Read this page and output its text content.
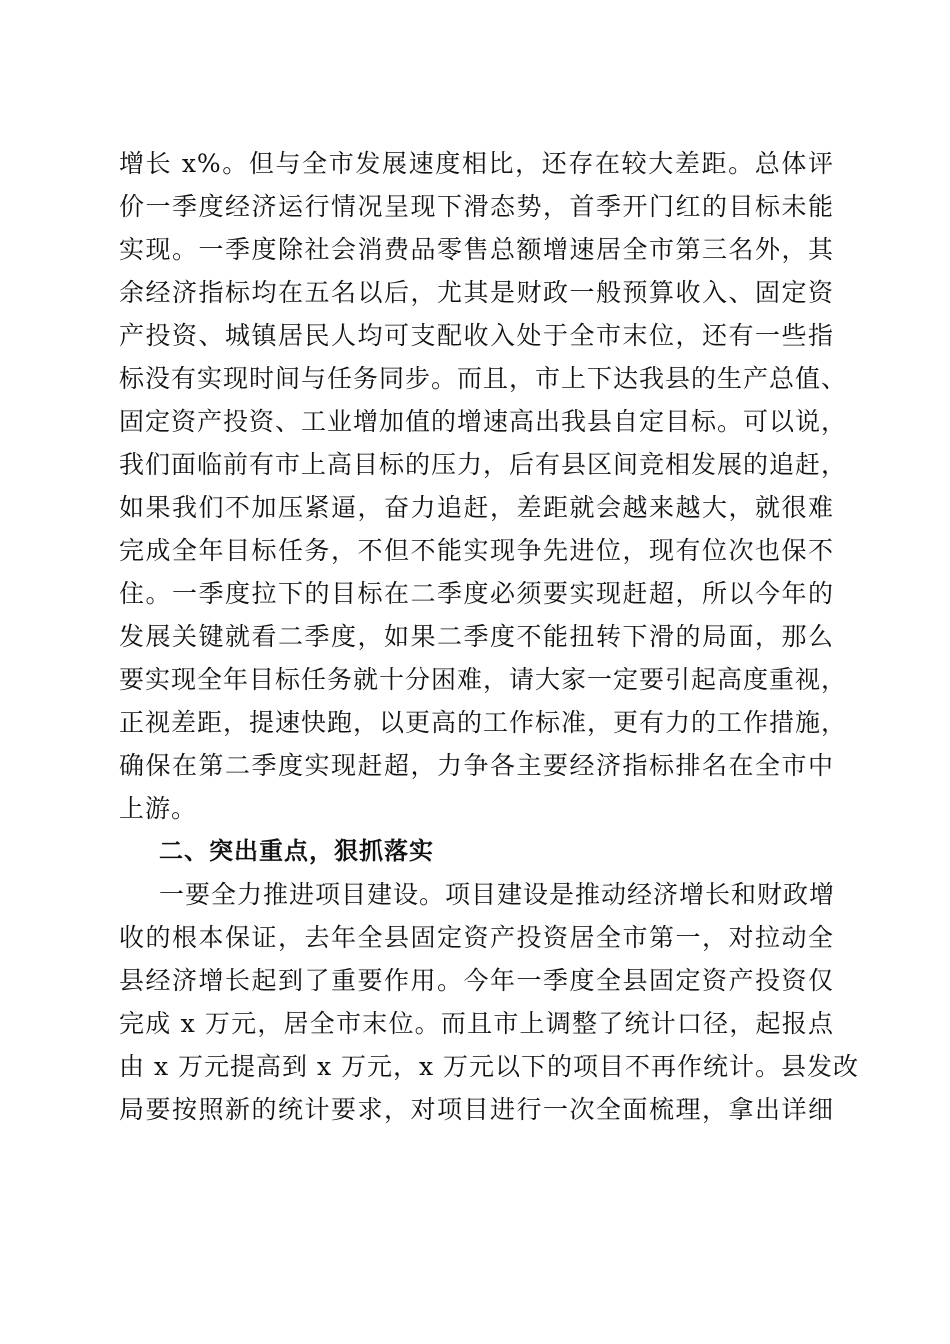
增长 x%。但与全市发展速度相比，还存在较大差距。总体评
价一季度经济运行情况呈现下滑态势，首季开门红的目标未能
实现。一季度除社会消费品零售总额增速居全市第三名外，其
余经济指标均在五名以后，尤其是财政一般预算收入、固定资
产投资、城镇居民人均可支配收入处于全市末位，还有一些指
标没有实现时间与任务同步。而且，市上下达我县的生产总值、
固定资产投资、工业增加值的增速高出我县自定目标。可以说，
我们面临前有市上高目标的压力，后有县区间竞相发展的追赶，
如果我们不加压紧逼，奋力追赶，差距就会越来越大，就很难
完成全年目标任务，不但不能实现争先进位，现有位次也保不
住。一季度拉下的目标在二季度必须要实现赶超，所以今年的
发展关键就看二季度，如果二季度不能扭转下滑的局面，那么
要实现全年目标任务就十分困难，请大家一定要引起高度重视，
正视差距，提速快跑，以更高的工作标准，更有力的工作措施，
确保在第二季度实现赶超，力争各主要经济指标排名在全市中
上游。
二、突出重点，狠抓落实
一要全力推进项目建设。项目建设是推动经济增长和财政增
收的根本保证，去年全县固定资产投资居全市第一，对拉动全
县经济增长起到了重要作用。今年一季度全县固定资产投资仅
完成 x 万元，居全市末位。而且市上调整了统计口径，起报点
由 x 万元提高到 x 万元，x 万元以下的项目不再作统计。县发改
局要按照新的统计要求，对项目进行一次全面梳理，拿出详细
